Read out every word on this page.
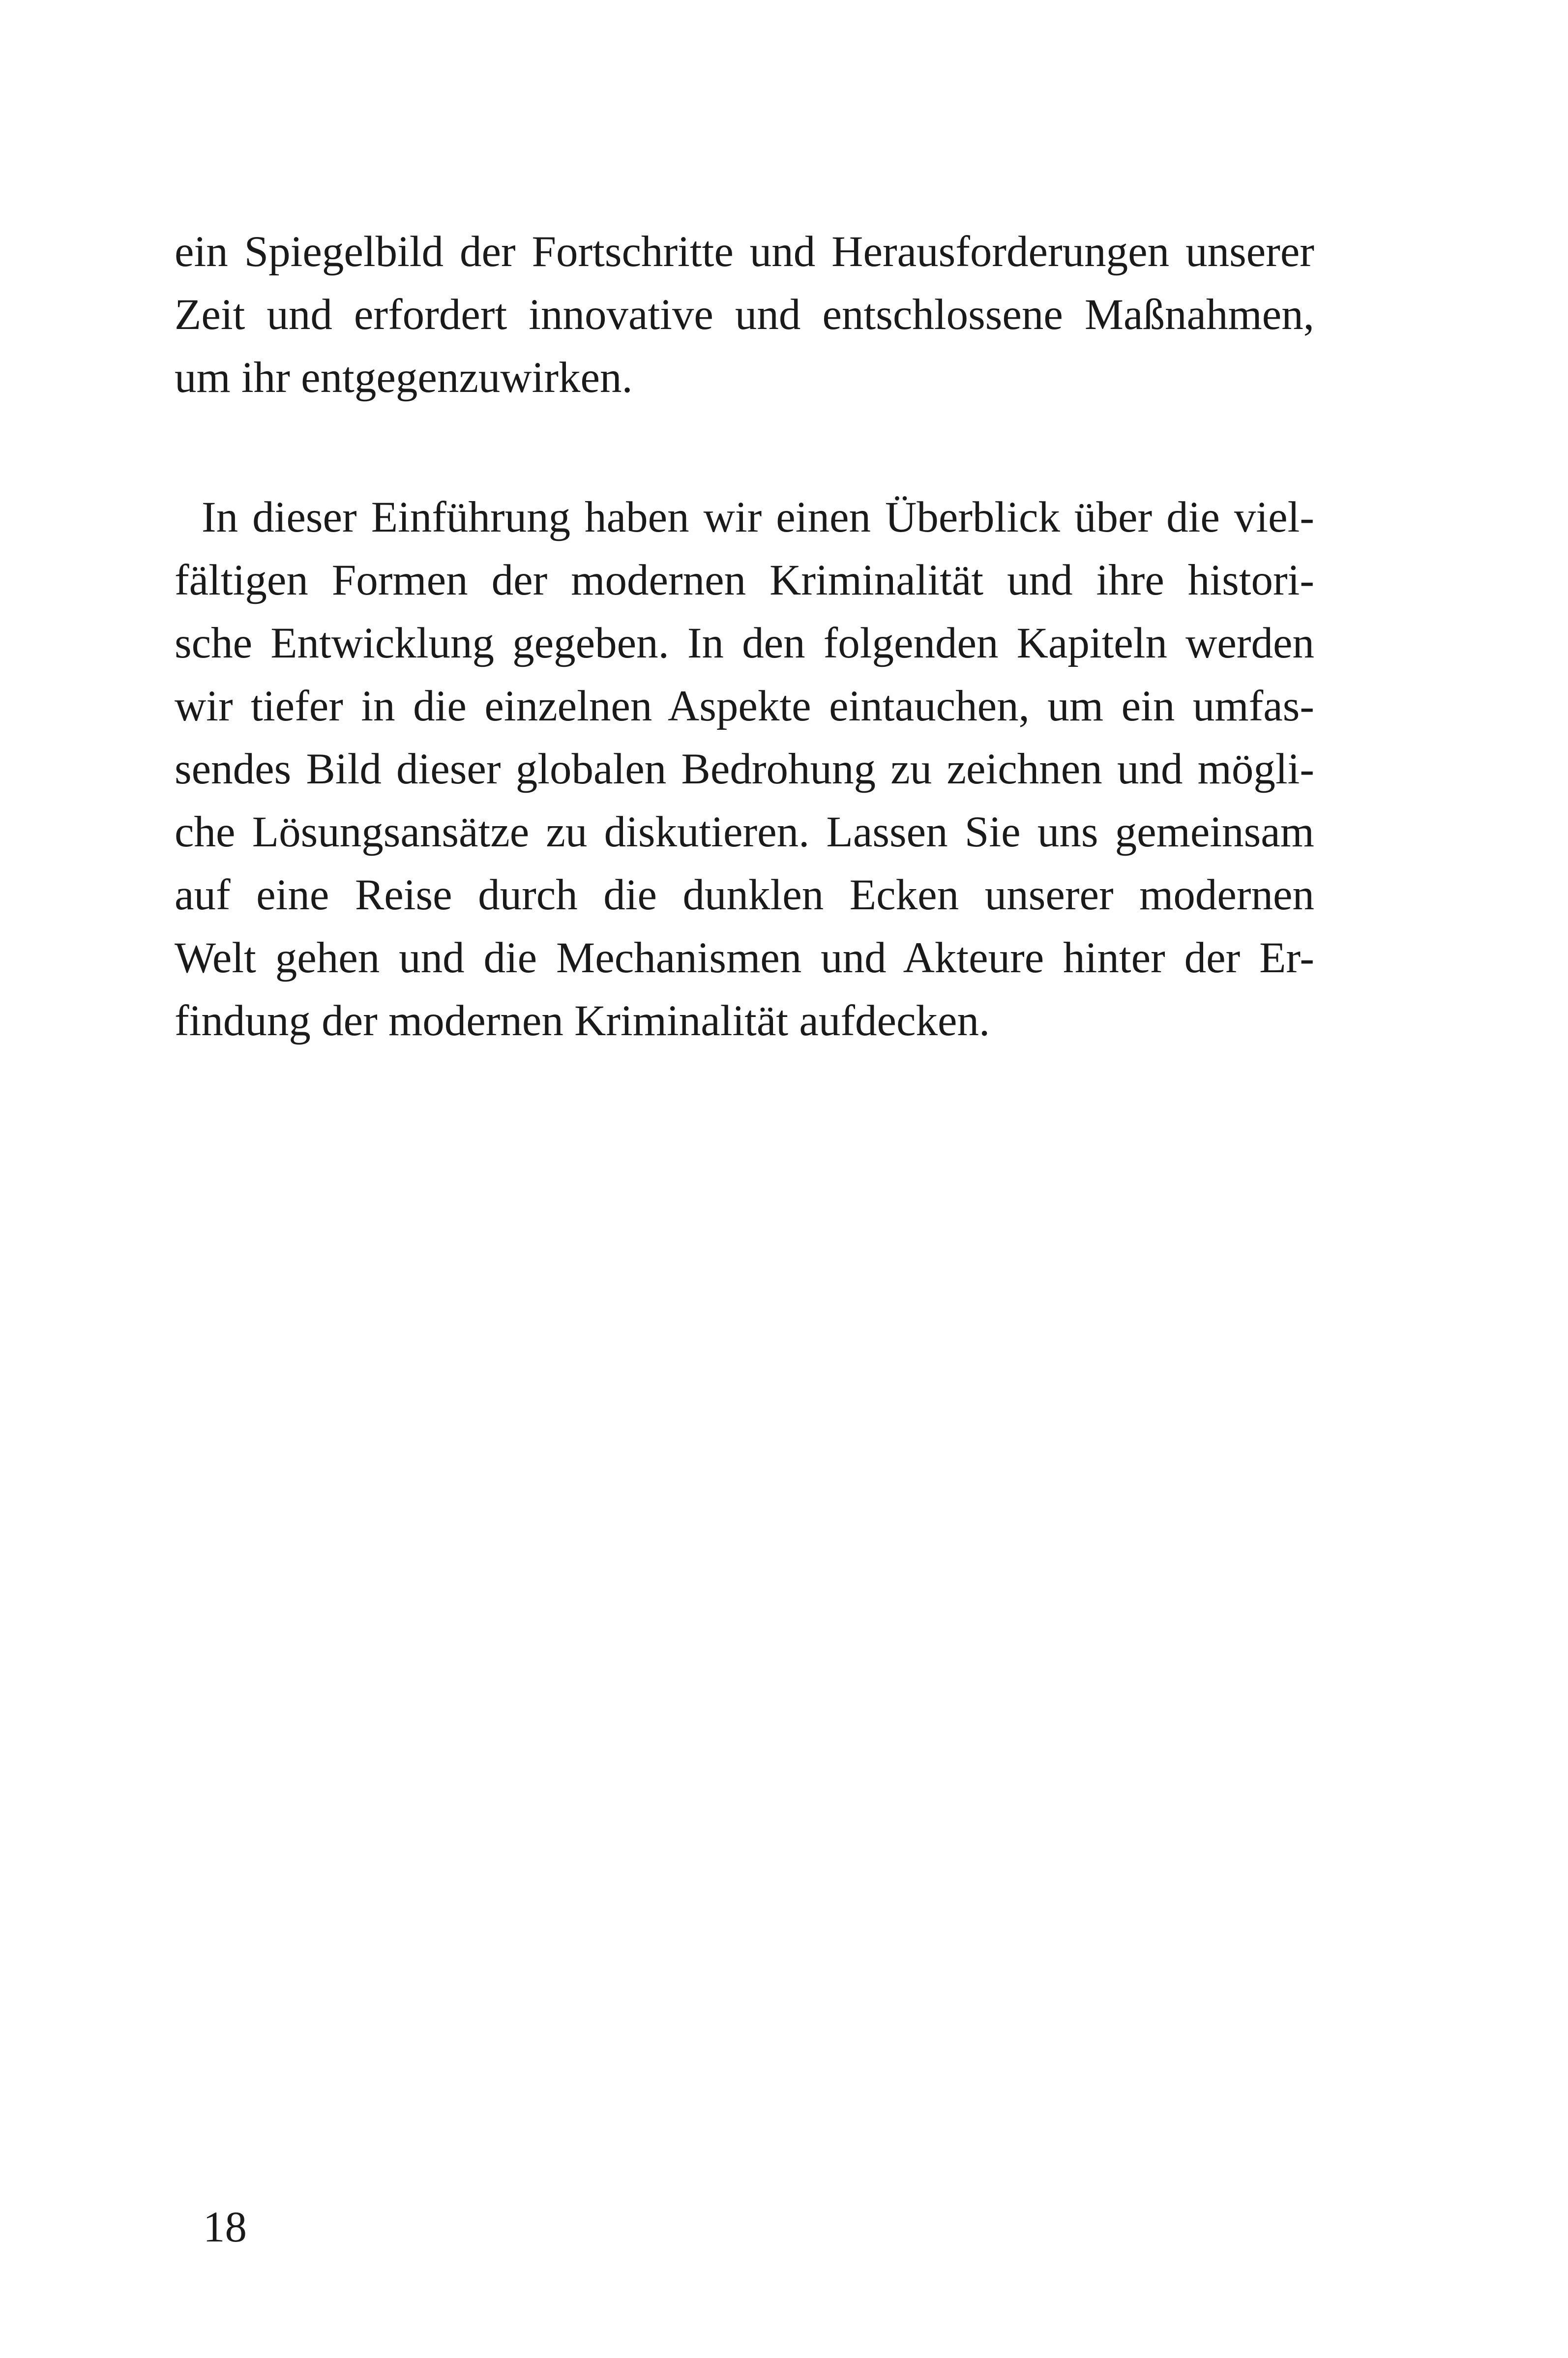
ein Spiegelbild der Fortschritte und Herausforderungen unserer
Zeit und erfordert innovative und entschlossene Maßnahmen,
um ihr entgegenzuwirken.
In dieser Einführung haben wir einen Überblick über die viel-
fältigen Formen der modernen Kriminalität und ihre histori-
sche Entwicklung gegeben. In den folgenden Kapiteln werden
wir tiefer in die einzelnen Aspekte eintauchen, um ein umfas-
sendes Bild dieser globalen Bedrohung zu zeichnen und mögli-
che Lösungsansätze zu diskutieren. Lassen Sie uns gemeinsam
auf eine Reise durch die dunklen Ecken unserer modernen
Welt gehen und die Mechanismen und Akteure hinter der Er-
findung der modernen Kriminalität aufdecken.
18
